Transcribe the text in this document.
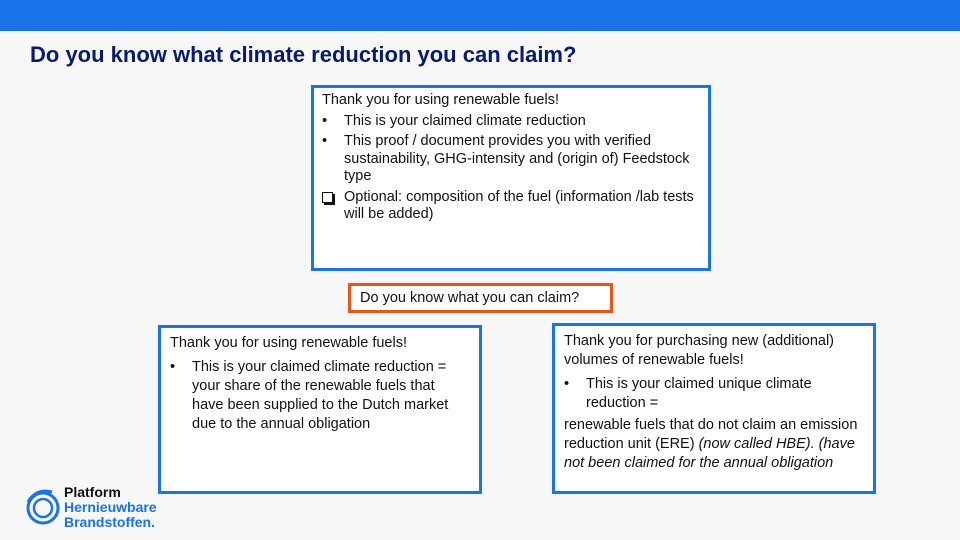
Do you know what climate reduction you can claim?
Thank you for using renewable fuels!
•	This is your claimed climate reduction
•	This proof / document provides you with verified sustainability, GHG-intensity and (origin of) Feedstock type
Optional: composition of the fuel (information /lab tests will be added)
Do you know what you can claim?
Thank you for using renewable fuels!
•	This is your claimed climate reduction = your share of the renewable fuels that have been supplied to the Dutch market due to the annual obligation
Thank you for purchasing new (additional) volumes of renewable fuels!
•	This is your claimed unique climate reduction =
renewable fuels that do not claim an emission reduction unit (ERE) (now called HBE). (have not been claimed for the annual obligation
Platform
Hernieuwbare
Brandstoffen.
